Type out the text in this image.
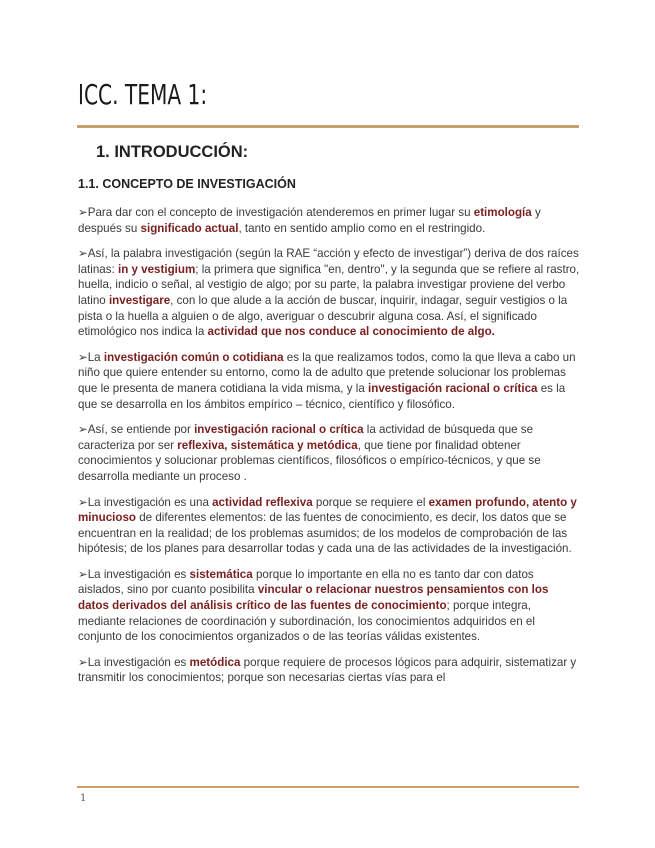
ICC. TEMA 1:
1. INTRODUCCIÓN:
1.1. CONCEPTO DE INVESTIGACIÓN

➢Para dar con el concepto de investigación atenderemos en primer lugar su etimología y después su significado actual, tanto en sentido amplio como en el restringido.

➢Así, la palabra investigación (según la RAE “acción y efecto de investigar”) deriva de dos raíces latinas: in y vestigium; la primera que significa "en, dentro", y la segunda que se refiere al rastro, huella, indicio o señal, al vestigio de algo; por su parte, la palabra investigar proviene del verbo latino investigare, con lo que alude a la acción de buscar, inquirir, indagar, seguir vestigios o la pista o la huella a alguien o de algo, averiguar o descubrir alguna cosa. Así, el significado etimológico nos indica la actividad que nos conduce al conocimiento de algo.

➢La investigación común o cotidiana es la que realizamos todos, como la que lleva a cabo un niño que quiere entender su entorno, como la de adulto que pretende solucionar los problemas que le presenta de manera cotidiana la vida misma, y la investigación racional o crítica es la que se desarrolla en los ámbitos empírico – técnico, científico y filosófico.

➢Así, se entiende por investigación racional o crítica la actividad de búsqueda que se caracteriza por ser reflexiva, sistemática y metódica, que tiene por finalidad obtener conocimientos y solucionar problemas científicos, filosóficos o empírico-técnicos, y que se desarrolla mediante un proceso .

➢La investigación es una actividad reflexiva porque se requiere el examen profundo, atento y minucioso de diferentes elementos: de las fuentes de conocimiento, es decir, los datos que se encuentran en la realidad; de los problemas asumidos; de los modelos de comprobación de las hipótesis; de los planes para desarrollar todas y cada una de las actividades de la investigación.

➢La investigación es sistemática porque lo importante en ella no es tanto dar con datos aislados, sino por cuanto posibilita vincular o relacionar nuestros pensamientos con los datos derivados del análisis crítico de las fuentes de conocimiento; porque integra, mediante relaciones de coordinación y subordinación, los conocimientos adquiridos en el conjunto de los conocimientos organizados o de las teorías válidas existentes.

➢La investigación es metódica porque requiere de procesos lógicos para adquirir, sistematizar y transmitir los conocimientos; porque son necesarias ciertas vías para el

1
